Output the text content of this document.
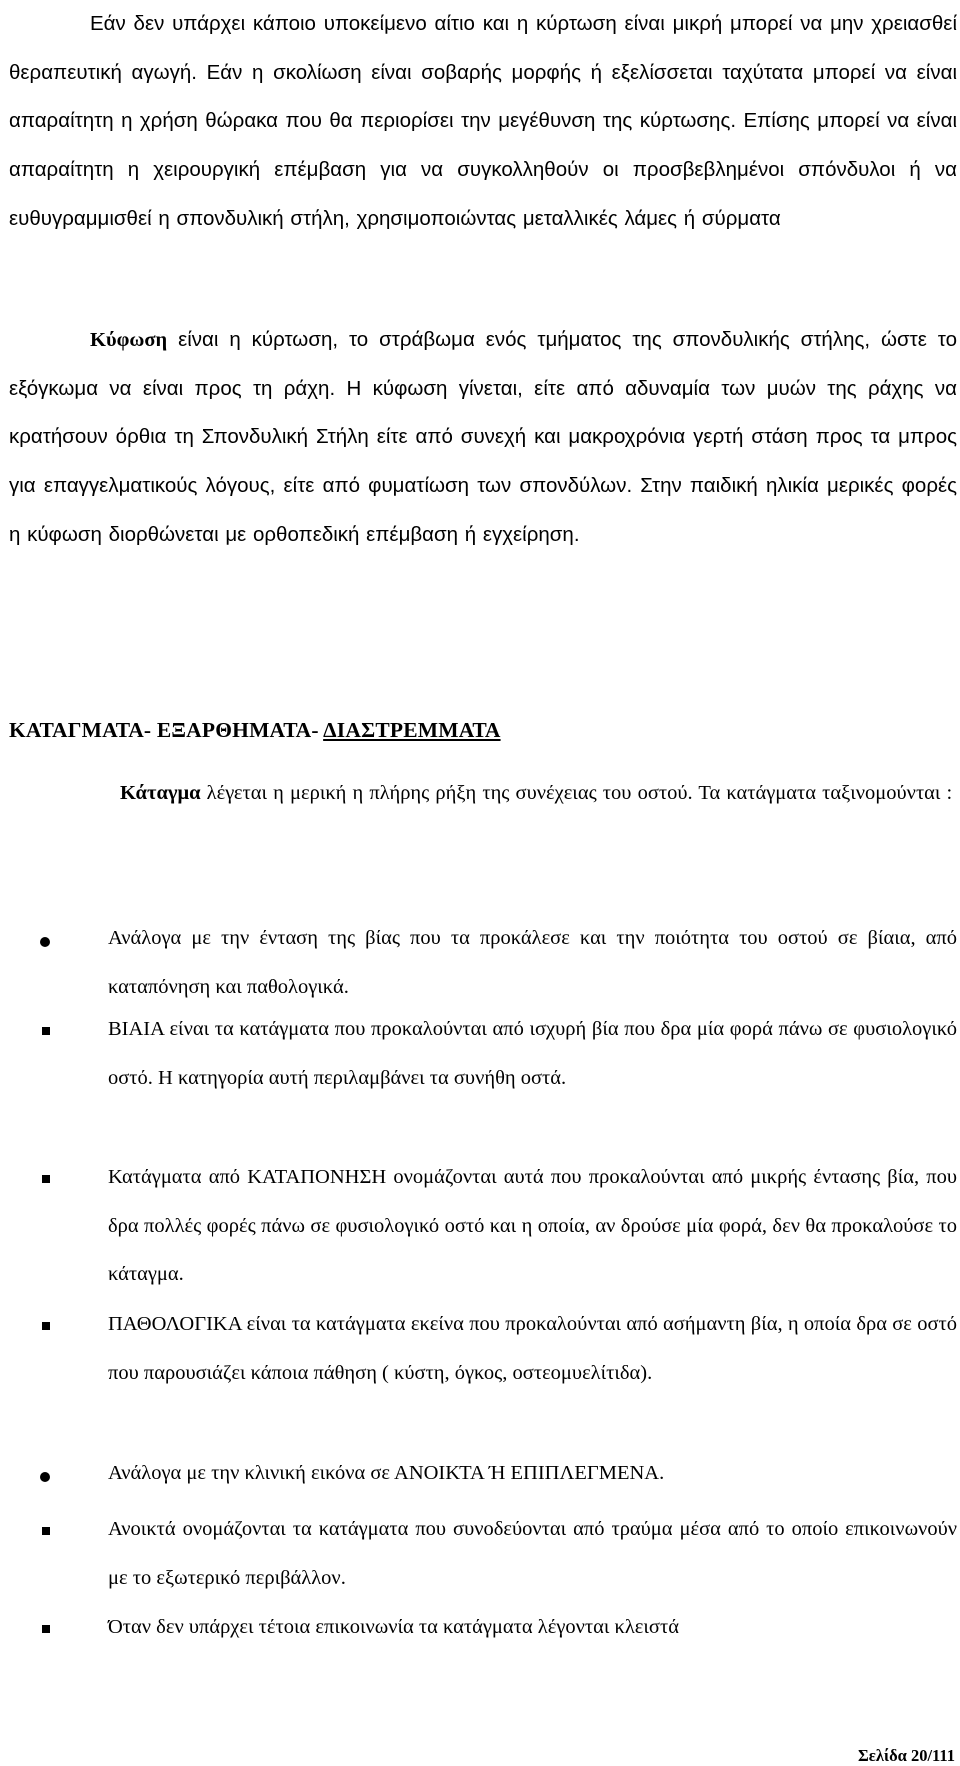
Εάν δεν υπάρχει κάποιο υποκείμενο αίτιο και η κύρτωση είναι μικρή μπορεί να μην χρειασθεί θεραπευτική αγωγή. Εάν η σκολίωση είναι σοβαρής μορφής ή εξελίσσεται ταχύτατα μπορεί να είναι απαραίτητη η χρήση θώρακα που θα περιορίσει την μεγέθυνση της κύρτωσης. Επίσης μπορεί να είναι απαραίτητη η χειρουργική επέμβαση για να συγκολληθούν οι προσβεβλημένοι σπόνδυλοι ή να ευθυγραμμισθεί η σπονδυλική στήλη, χρησιμοποιώντας μεταλλικές λάμες ή σύρματα

Κύφωση είναι η κύρτωση, το στράβωμα ενός τμήματος της σπονδυλικής στήλης, ώστε το εξόγκωμα να είναι προς τη ράχη. Η κύφωση γίνεται, είτε από αδυναμία των μυών της ράχης να κρατήσουν όρθια τη Σπονδυλική Στήλη είτε από συνεχή και μακροχρόνια γερτή στάση προς τα μπρος για επαγγελματικούς λόγους, είτε από φυματίωση των σπονδύλων. Στην παιδική ηλικία μερικές φορές η κύφωση διορθώνεται με ορθοπεδική επέμβαση ή εγχείρηση.

ΚΑΤΑΓΜΑΤΑ- ΕΞΑΡΘΗΜΑΤΑ- ΔΙΑΣΤΡΕΜΜΑΤΑ

Κάταγμα λέγεται η μερική η πλήρης ρήξη της συνέχειας του οστού. Τα κατάγματα ταξινομούνται :

Ανάλογα με την ένταση της βίας που τα προκάλεσε και την ποιότητα του οστού σε βίαια, από καταπόνηση και παθολογικά.

ΒΙΑΙΑ είναι τα κατάγματα που προκαλούνται από ισχυρή βία που δρα μία φορά πάνω σε φυσιολογικό οστό. Η κατηγορία αυτή περιλαμβάνει τα συνήθη οστά.

Κατάγματα από ΚΑΤΑΠΟΝΗΣΗ ονομάζονται αυτά που προκαλούνται από μικρής έντασης βία, που δρα πολλές φορές πάνω σε φυσιολογικό οστό και η οποία, αν δρούσε μία φορά, δεν θα προκαλούσε το κάταγμα.

ΠΑΘΟΛΟΓΙΚΑ είναι τα κατάγματα εκείνα που προκαλούνται από ασήμαντη βία, η οποία δρα σε οστό που παρουσιάζει κάποια πάθηση ( κύστη, όγκος, οστεομυελίτιδα).

Ανάλογα με την κλινική εικόνα σε ΑΝΟΙΚΤΑ Ή ΕΠΙΠΛΕΓΜΕΝΑ.

Ανοικτά ονομάζονται τα κατάγματα που συνοδεύονται από τραύμα μέσα από το οποίο επικοινωνούν με το εξωτερικό περιβάλλον.

Όταν δεν υπάρχει τέτοια επικοινωνία τα κατάγματα λέγονται κλειστά

Σελίδα 20/111
